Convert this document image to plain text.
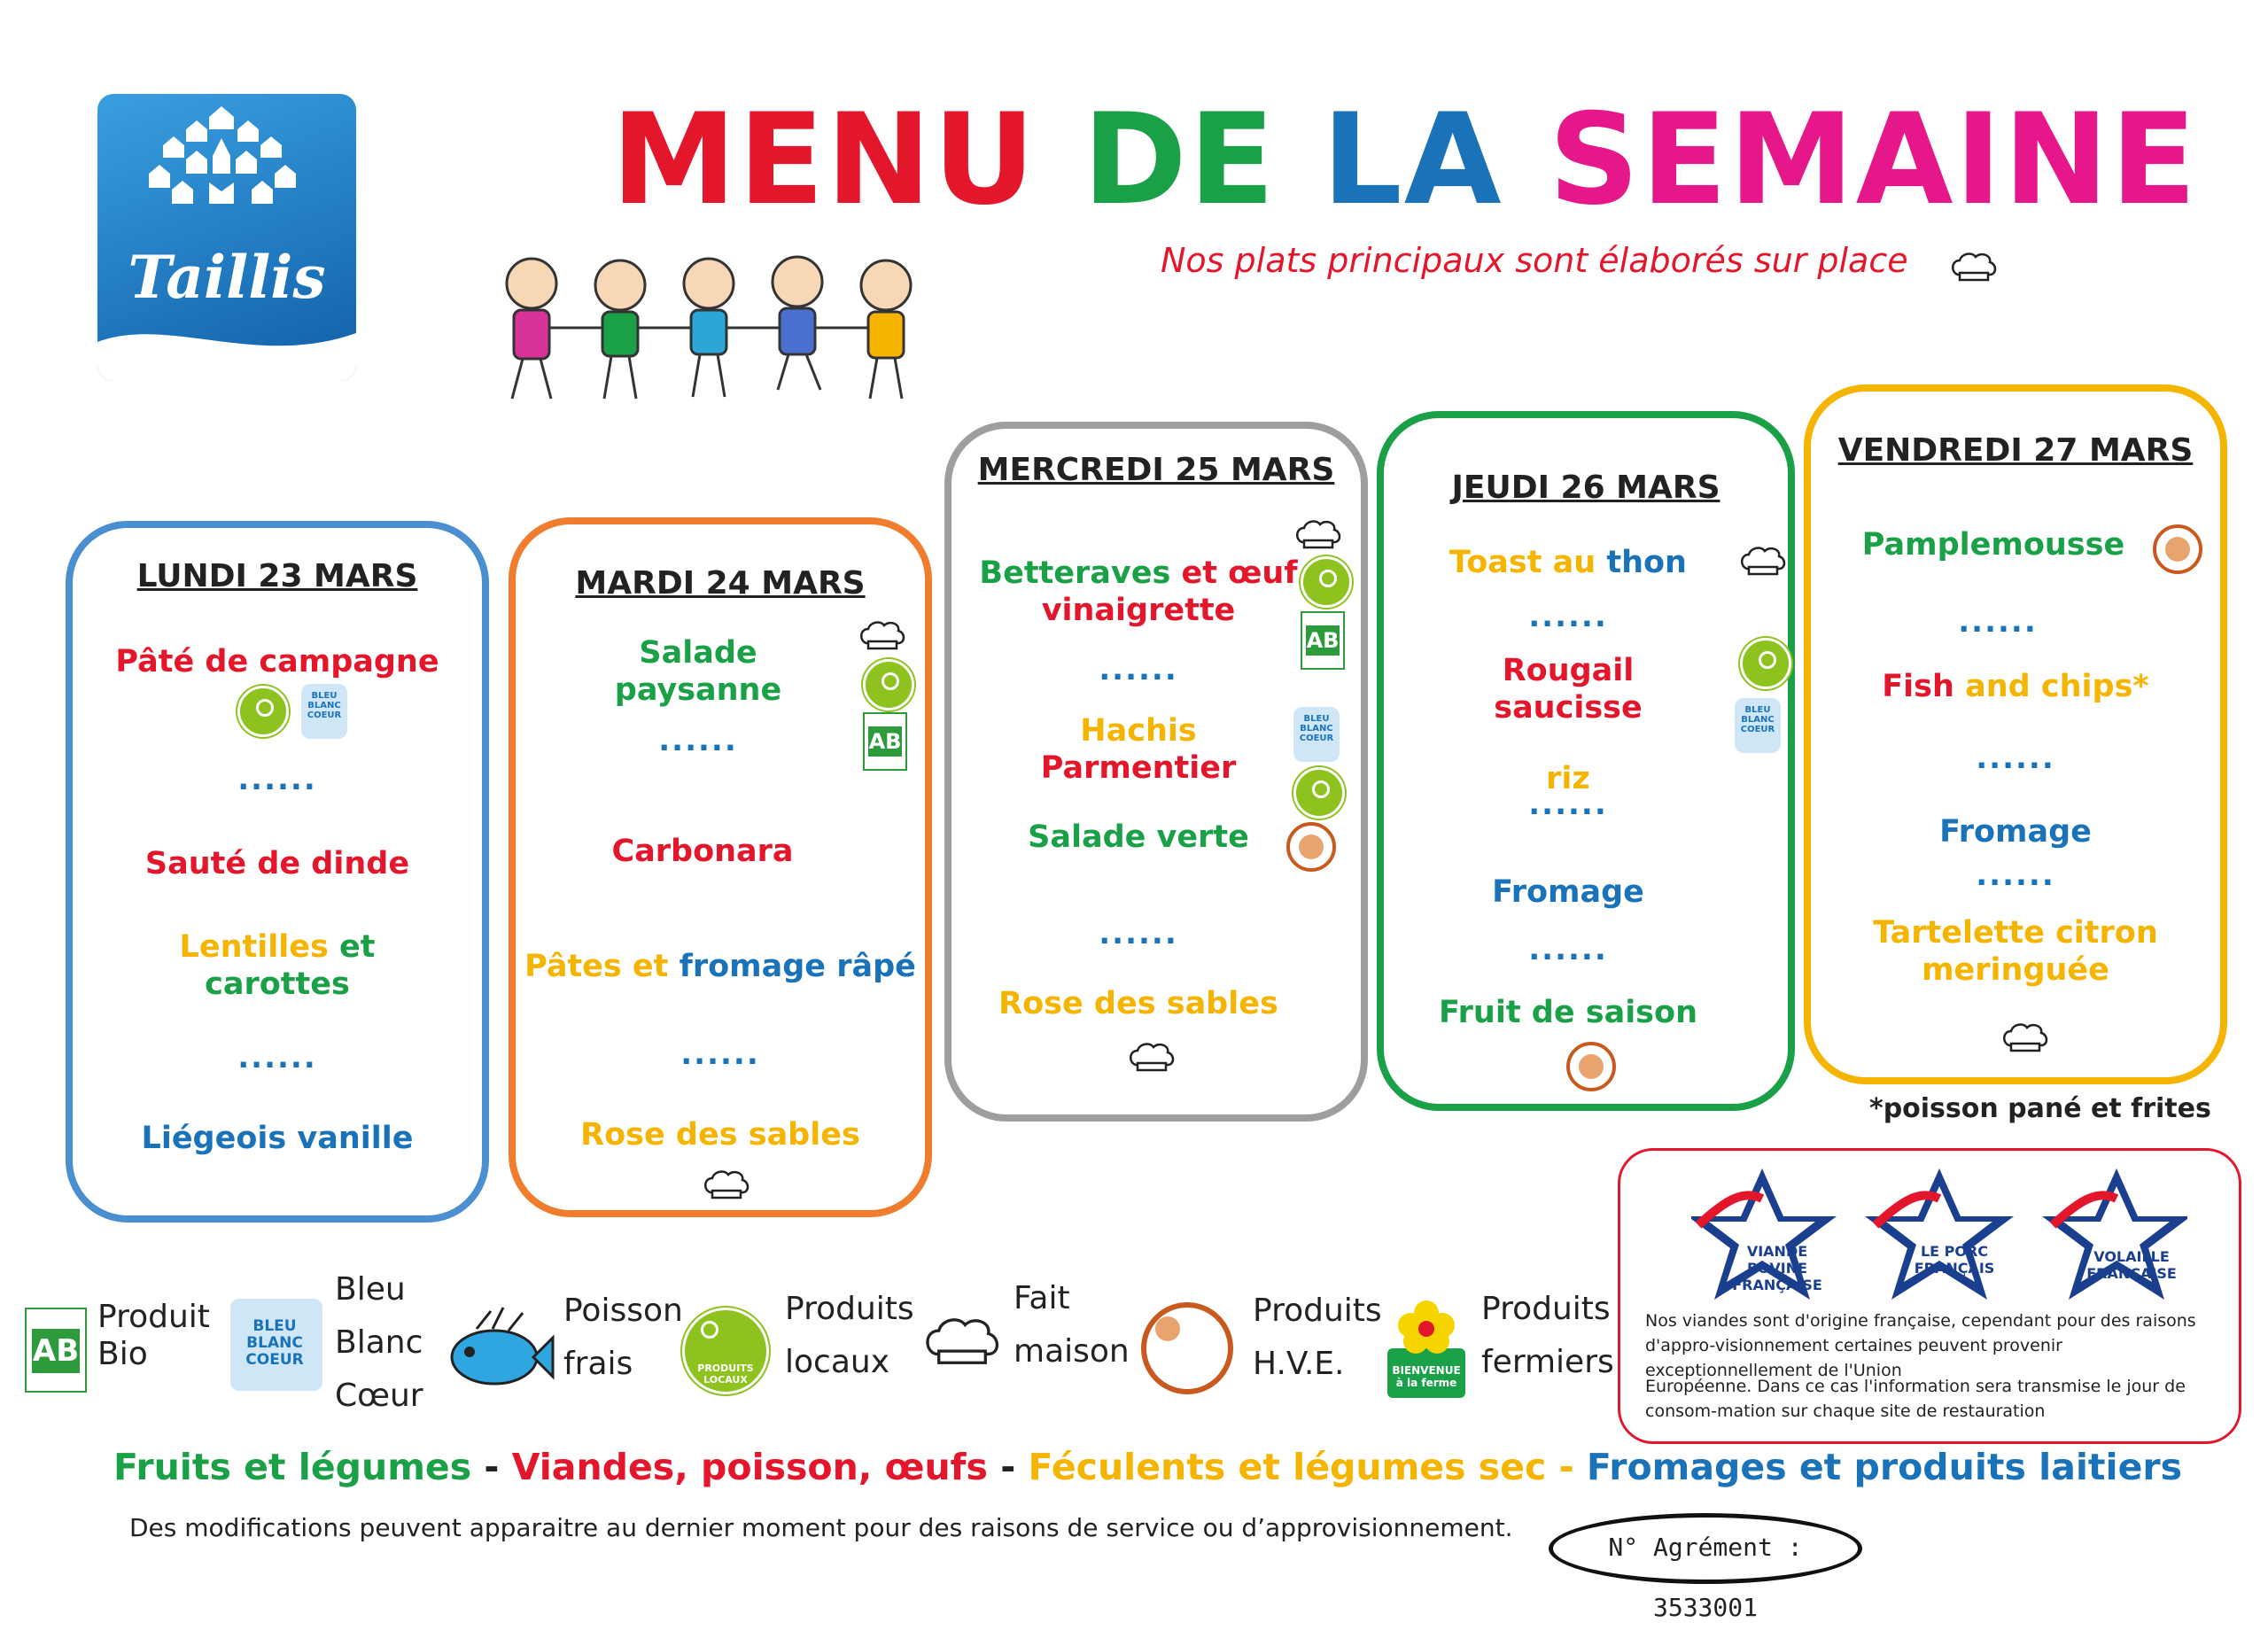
Taillis
MENU DE LA SEMAINE
Nos plats principaux sont élaborés sur place
LUNDI 23 MARS
Pâté de campagne
BLEU BLANC COEUR
......
Sauté de dinde
Lentilles et
carottes
......
Liégeois vanille
MARDI 24 MARS
Salade
paysanne
AB
......
Carbonara
Pâtes et fromage râpé
......
Rose des sables
MERCREDI 25 MARS
Betteraves et œuf
vinaigrette
AB
......
Hachis
Parmentier
BLEU BLANC COEUR
Salade verte
......
Rose des sables
JEUDI 26 MARS
Toast au thon
......
Rougail
saucisse	BLEU BLANC COEUR
riz
......
Fromage
......
Fruit de saison
VENDREDI 27 MARS
Pamplemousse
......
Fish and chips*
......
Fromage
......
Tartelette citron
meringuée
*poisson pané et frites
VIANDE BOVINE FRANÇAISE
LE PORC FRANÇAIS
VOLAILLE FRANÇAISE
Nos viandes sont d'origine française, cependant pour des raisons d'appro-visionnement certaines peuvent provenir exceptionnellement de l'Union
Européenne. Dans ce cas l'information sera transmise le jour de consom-mation sur chaque site de restauration
AB
Produit Bio
BLEU BLANC COEUR
Bleu Blanc Cœur
Poisson frais	PRODUITS LOCAUX
Produits locaux
Fait maison
Produits H.V.E.	BIENVENUE à la ferme
Produits fermiers
Fruits et légumes - Viandes, poisson, œufs - Féculents et légumes sec - Fromages et produits laitiers
Des modifications peuvent apparaitre au dernier moment pour des raisons de service ou d’approvisionnement.
N° Agrément : 3533001
